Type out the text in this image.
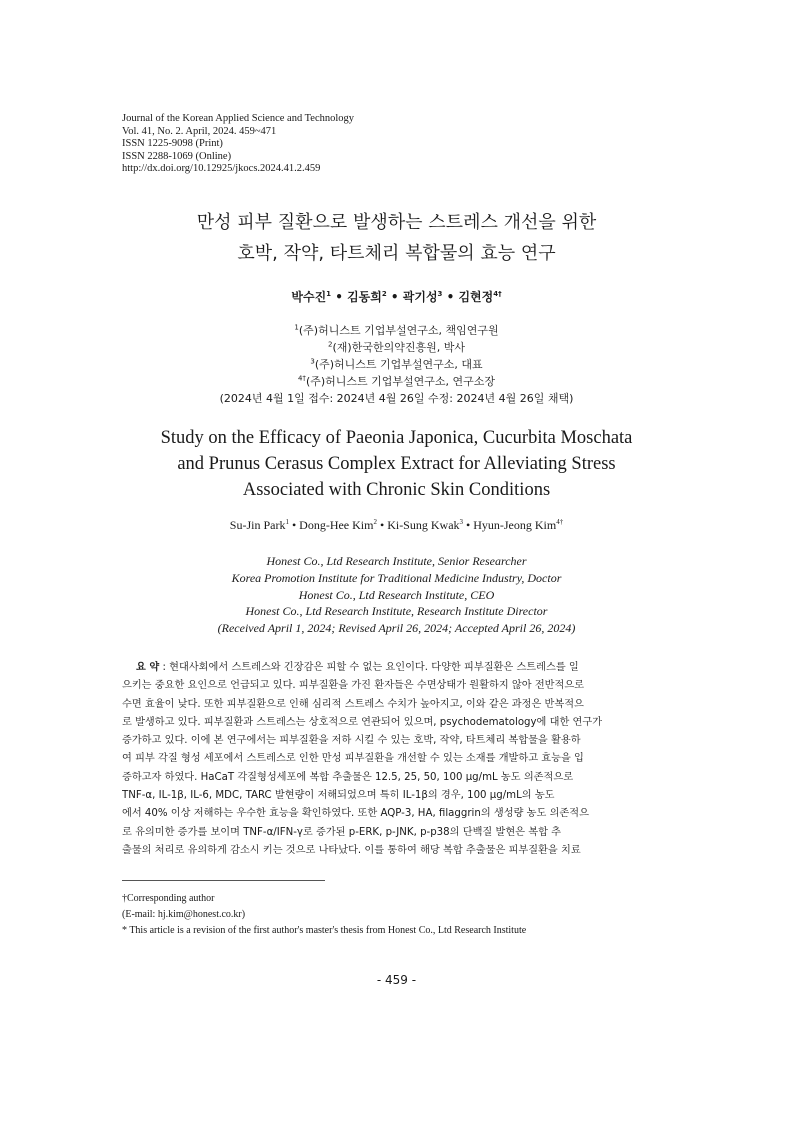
Journal of the Korean Applied Science and Technology
Vol. 41, No. 2. April, 2024. 459~471
ISSN 1225-9098 (Print)
ISSN 2288-1069 (Online)
http://dx.doi.org/10.12925/jkocs.2024.41.2.459
만성 피부 질환으로 발생하는 스트레스 개선을 위한
호박, 작약, 타트체리 복합물의 효능 연구
박수진$^1$ • 김동희$^2$ • 곽기성$^3$ • 김현정$^{4\dagger}$
$^1$(주)허니스트 기업부설연구소, 책임연구원
$^2$(재)한국한의약진흥원, 박사
$^3$(주)허니스트 기업부설연구소, 대표
$^{4\dagger}$(주)허니스트 기업부설연구소, 연구소장
(2024년 4월 1일 접수: 2024년 4월 26일 수정: 2024년 4월 26일 채택)
Study on the Efficacy of Paeonia Japonica, Cucurbita Moschata
and Prunus Cerasus Complex Extract for Alleviating Stress
Associated with Chronic Skin Conditions
Su-Jin Park$^1$ • Dong-Hee Kim$^2$ • Ki-Sung Kwak$^3$ • Hyun-Jeong Kim$^{4\dagger}$
Honest Co., Ltd Research Institute, Senior Researcher
Korea Promotion Institute for Traditional Medicine Industry, Doctor
Honest Co., Ltd Research Institute, CEO
Honest Co., Ltd Research Institute, Research Institute Director
(Received April 1, 2024; Revised April 26, 2024; Accepted April 26, 2024)
요 약 : 현대사회에서 스트레스와 긴장감은 피할 수 없는 요인이다. 다양한 피부질환은 스트레스를 일
으키는 중요한 요인으로 언급되고 있다. 피부질환을 가진 환자들은 수면상태가 원활하지 않아 전반적으로
수면 효율이 낮다. 또한 피부질환으로 인해 심리적 스트레스 수치가 높아지고, 이와 같은 과정은 반복적으
로 발생하고 있다. 피부질환과 스트레스는 상호적으로 연관되어 있으며, psychodematology에 대한 연구가
증가하고 있다. 이에 본 연구에서는 피부질환을 저하 시킬 수 있는 호박, 작약, 타트체리 복합물을 활용하
여 피부 각질 형성 세포에서 스트레스로 인한 만성 피부질환을 개선할 수 있는 소재를 개발하고 효능을 입
증하고자 하였다. HaCaT 각질형성세포에 복합 추출물은 12.5, 25, 50, 100 μg/mL 농도 의존적으로
TNF-α, IL-1β, IL-6, MDC, TARC 발현량이 저해되었으며 특히 IL-1β의 경우, 100 μg/mL의 농도
에서 40% 이상 저해하는 우수한 효능을 확인하였다. 또한 AQP-3, HA, filaggrin의 생성량 농도 의존적으
로 유의미한 증가를 보이며 TNF-α/IFN-γ로 증가된 p-ERK, p-JNK, p-p38의 단백질 발현은 복합 추
출물의 처리로 유의하게 감소시 키는 것으로 나타났다. 이를 통하여 해당 복합 추출물은 피부질환을 치료
†Corresponding author
(E-mail: hj.kim@honest.co.kr)
* This article is a revision of the first author's master's thesis from Honest Co., Ltd Research Institute
- 459 -
